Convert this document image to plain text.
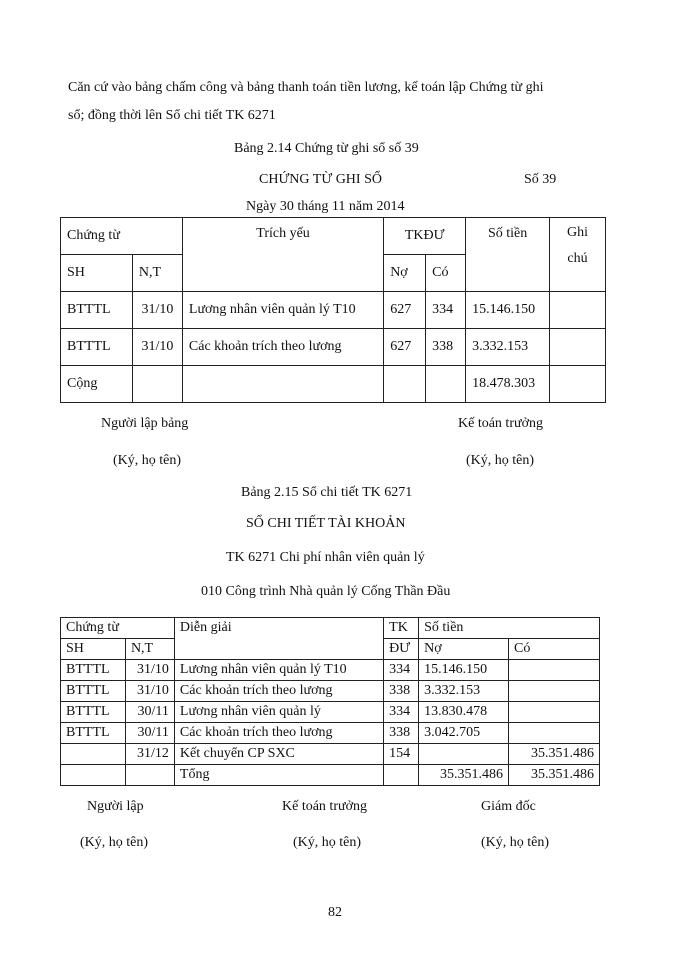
Căn cứ vào bảng chấm công và bảng thanh toán tiền lương, kế toán lập Chứng từ ghi
sổ; đồng thời lên Sổ chi tiết TK 6271
Bảng 2.14 Chứng từ ghi sổ số 39
CHỨNG TỪ GHI SỔ	Số 39
Ngày 30 tháng 11 năm 2014
Chứng từ		Trích yếu	TKĐƯ		Số tiền	Ghi chú
SH	N,T		Nợ	Có		
BTTTL	31/10	Lương nhân viên quản lý T10	627	334	15.146.150	
BTTTL	31/10	Các khoản trích theo lương	627	338	3.332.153	
Cộng					18.478.303	
Người lập bảng
(Ký, họ tên)
Kế toán trưởng
(Ký, họ tên)
Bảng 2.15 Sổ chi tiết TK 6271
SỔ CHI TIẾT TÀI KHOẢN
TK 6271 Chi phí nhân viên quản lý
010 Công trình Nhà quản lý Cống Thần Đầu
Chứng từ		Diễn giải	TK	Số tiền	
SH	N,T		ĐƯ	Nợ	Có
BTTTL	31/10	Lương nhân viên quản lý T10	334	15.146.150	
BTTTL	31/10	Các khoản trích theo lương	338	3.332.153	
BTTTL	30/11	Lương nhân viên quản lý	334	13.830.478	
BTTTL	30/11	Các khoản trích theo lương	338	3.042.705	
	31/12	Kết chuyển CP SXC	154		35.351.486
		Tổng		35.351.486	35.351.486
Người lập
(Ký, họ tên)
Kế toán trưởng
(Ký, họ tên)
Giám đốc
(Ký, họ tên)
82
